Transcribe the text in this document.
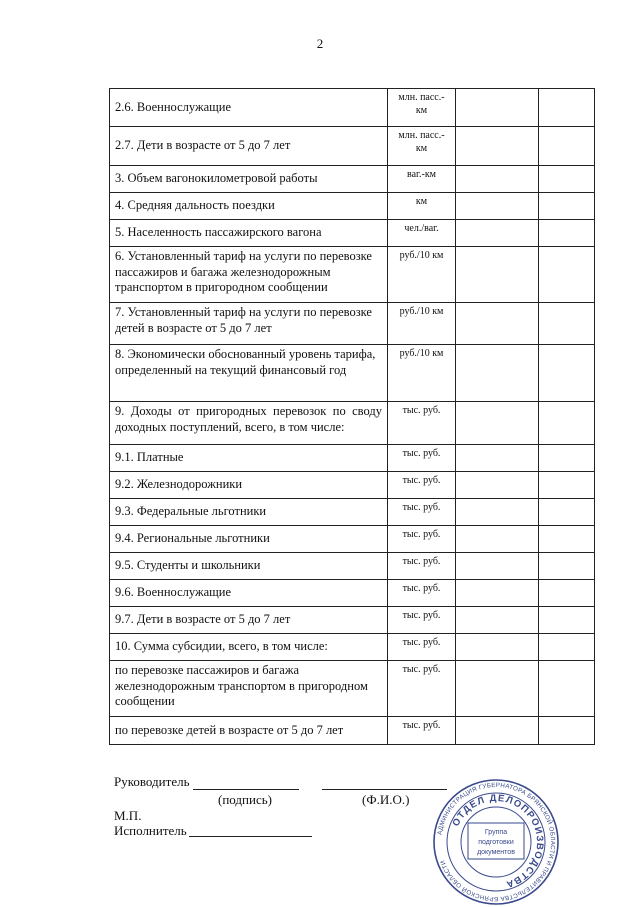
2
2.6. Военнослужащие	млн. пасс.-км		
2.7. Дети в возрасте от 5 до 7 лет	млн. пасс.-км		
3. Объем вагонокилометровой работы	ваг.-км		
4. Средняя дальность поездки	км		
5. Населенность пассажирского вагона	чел./ваг.		
6. Установленный тариф на услуги по перевозке пассажиров и багажа железнодорожным транспортом в пригородном сообщении	руб./10 км		
7. Установленный тариф на услуги по перевозке детей в возрасте от 5 до 7 лет	руб./10 км		
8. Экономически обоснованный уровень тарифа, определенный на текущий финансовый год	руб./10 км		
9. Доходы от пригородных перевозок по своду доходных поступлений, всего, в том числе:	тыс. руб.		
9.1. Платные	тыс. руб.		
9.2. Железнодорожники	тыс. руб.		
9.3. Федеральные льготники	тыс. руб.		
9.4. Региональные льготники	тыс. руб.		
9.5. Студенты и школьники	тыс. руб.		
9.6. Военнослужащие	тыс. руб.		
9.7. Дети в возрасте от 5 до 7 лет	тыс. руб.		
10. Сумма субсидии, всего, в том числе:	тыс. руб.		
по перевозке пассажиров и багажа железнодорожным транспортом в пригородном сообщении	тыс. руб.		
по перевозке детей в возрасте от 5 до 7 лет	тыс. руб.		
Руководитель
(подпись)	(Ф.И.О.)
М.П.
Исполнитель	АДМИНИСТРАЦИЯ ГУБЕРНАТОРА БРЯНСКОЙ ОБЛАСТИ И ПРАВИТЕЛЬСТВА БРЯНСКОЙ ОБЛАСТИ
ОТДЕЛ ДЕЛОПРОИЗВОДСТВА
Группа
подготовки
документов
